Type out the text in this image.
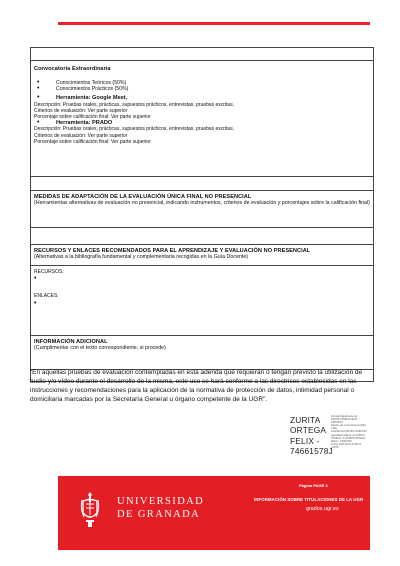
Convocatoria Extraordinaria
•
Conocimientos Teóricos (50%)
•
Conocimientos Prácticos (50%)
•
Herramienta: Google Meet,
Descripción: Pruebas orales, prácticas, supuestos prácticos, entrevistas, pruebas escritas.
Criterios de evaluación: Ver parte superior
Porcentaje sobre calificación final: Ver parte superior
•
Herramienta: PRADO
Descripción: Pruebas orales, prácticas, supuestos prácticos, entrevistas, pruebas escritas.
Criterios de evaluación: Ver parte superior
Porcentaje sobre calificación final: Ver parte superior
MEDIDAS DE ADAPTACIÓN DE LA EVALUACIÓN ÚNICA FINAL NO PRESENCIAL
(Herramientas alternativas de evaluación no presencial, indicando instrumentos, criterios de evaluación y porcentajes sobre la calificación final)
RECURSOS Y ENLACES RECOMENDADOS PARA EL APRENDIZAJE Y EVALUACIÓN NO PRESENCIAL
(Alternativas a la bibliografía fundamental y complementaria recogidas en la Guía Docente)
RECURSOS:
•
ENLACES:
•
INFORMACIÓN ADICIONAL
(Cumplimentar con el texto correspondiente, si procede)
“En aquellas pruebas de evaluación contempladas en esta adenda que requieran o tengan previsto la utilización de audio y/o vídeo durante el desarrollo de la misma, este uso se hará conforme a las directrices establecidas en las instrucciones y recomendaciones para la aplicación de la normativa de protección de datos, intimidad personal o domiciliaria marcadas por la Secretaría General u órgano competente de la UGR”.
ZURITA
ORTEGA
FELIX -
74661578J
Firmado digitalmente por
ZURITA ORTEGA FELIX -
74661578J
Nombre de reconocimiento (DN):
c=ES,
serialNumber=IDCES-74661578J,
givenName=FELIX, sn=ZURITA
ORTEGA, cn=ZURITA ORTEGA
FELIX - 74661578J
Fecha: 2020.06.02 21:58:13
+02'00'
UNIVERSIDAD
DE GRANADA
Página PAGE 3
INFORMACIÓN SOBRE TITULACIONES DE LA UGR
grados.ugr.es
